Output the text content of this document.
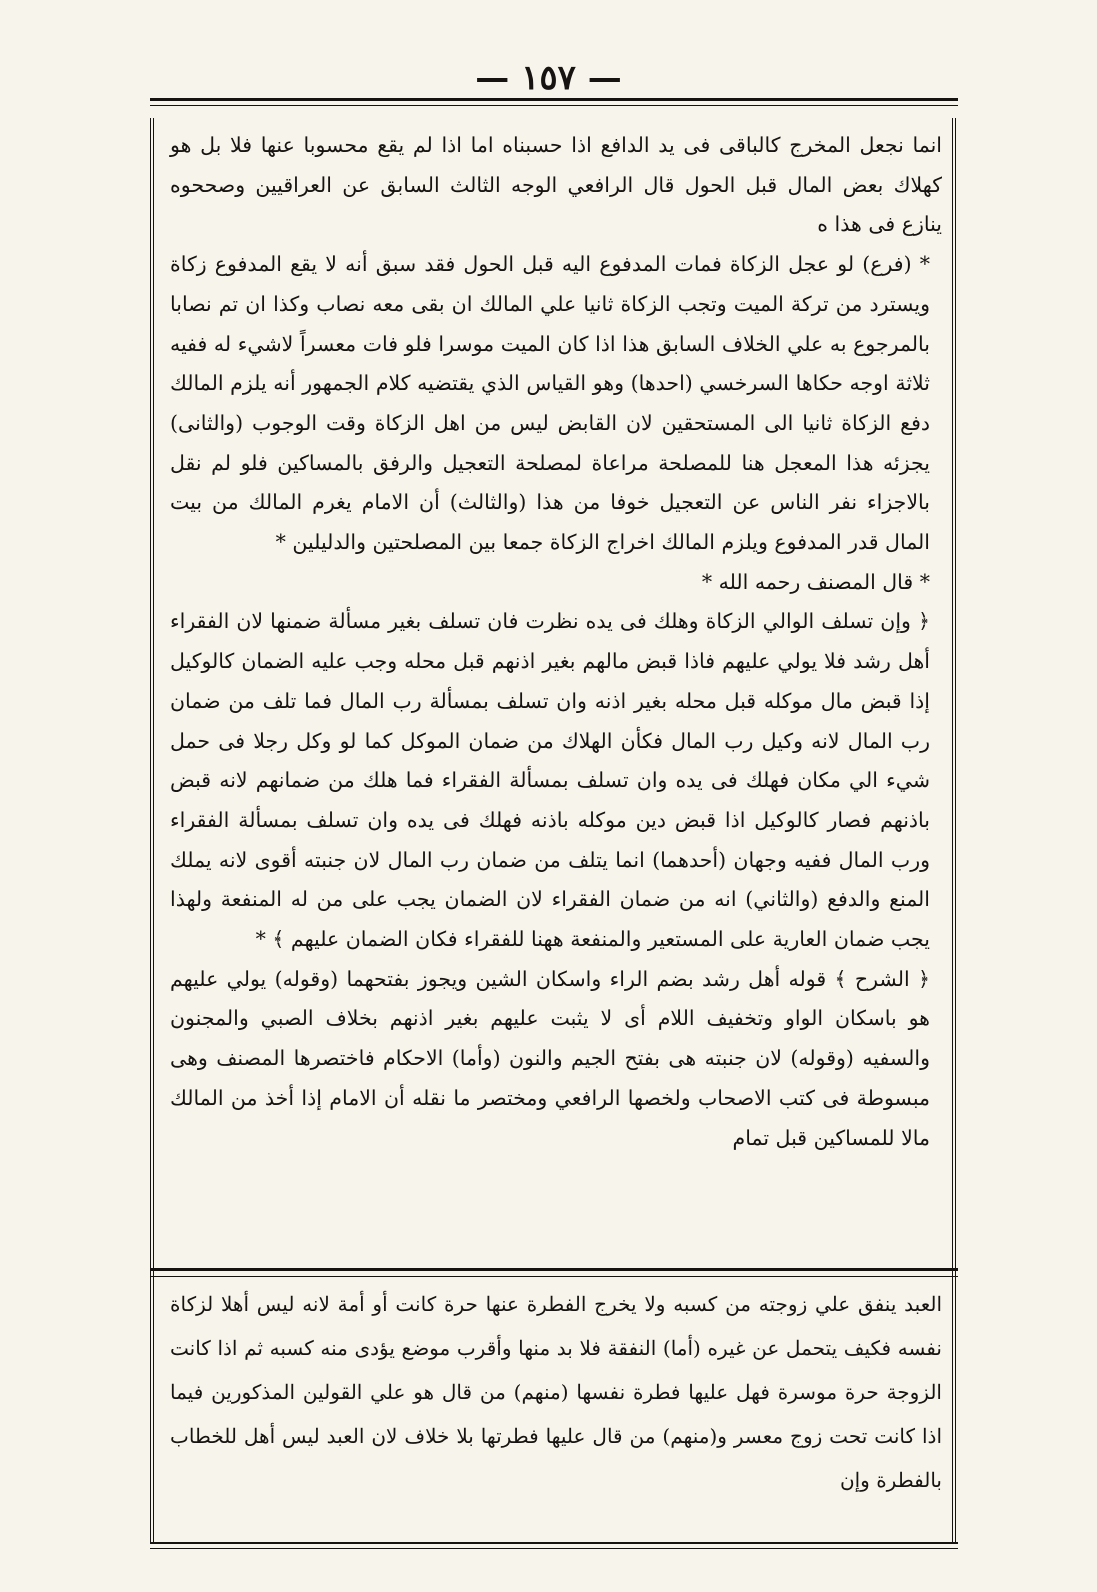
— ١٥٧ —

انما نجعل المخرج كالباقى فى يد الدافع اذا حسبناه اما اذا لم يقع محسوبا عنها فلا بل هو كهلاك بعض المال قبل الحول قال الرافعي الوجه الثالث السابق عن العراقيين وصححوه ينازع فى هذا ه

* (فرع) لو عجل الزكاة فمات المدفوع اليه قبل الحول فقد سبق أنه لا يقع المدفوع زكاة ويسترد من تركة الميت وتجب الزكاة ثانيا علي المالك ان بقى معه نصاب وكذا ان تم نصابا بالمرجوع به علي الخلاف السابق هذا اذا كان الميت موسرا فلو فات معسراً لاشيء له ففيه ثلاثة اوجه حكاها السرخسي (احدها) وهو القياس الذي يقتضيه كلام الجمهور أنه يلزم المالك دفع الزكاة ثانيا الى المستحقين لان القابض ليس من اهل الزكاة وقت الوجوب (والثانى) يجزئه هذا المعجل هنا للمصلحة مراعاة لمصلحة التعجيل والرفق بالمساكين فلو لم نقل بالاجزاء نفر الناس عن التعجيل خوفا من هذا (والثالث) أن الامام يغرم المالك من بيت المال قدر المدفوع ويلزم المالك اخراج الزكاة جمعا بين المصلحتين والدليلين *

* قال المصنف رحمه الله *

﴿ وإن تسلف الوالي الزكاة وهلك فى يده نظرت فان تسلف بغير مسألة ضمنها لان الفقراء أهل رشد فلا يولي عليهم فاذا قبض مالهم بغير اذنهم قبل محله وجب عليه الضمان كالوكيل إذا قبض مال موكله قبل محله بغير اذنه وان تسلف بمسألة رب المال فما تلف من ضمان رب المال لانه وكيل رب المال فكأن الهلاك من ضمان الموكل كما لو وكل رجلا فى حمل شيء الي مكان فهلك فى يده وان تسلف بمسألة الفقراء فما هلك من ضمانهم لانه قبض باذنهم فصار كالوكيل اذا قبض دين موكله باذنه فهلك فى يده وان تسلف بمسألة الفقراء ورب المال ففيه وجهان (أحدهما) انما يتلف من ضمان رب المال لان جنبته أقوى لانه يملك المنع والدفع (والثاني) انه من ضمان الفقراء لان الضمان يجب على من له المنفعة ولهذا يجب ضمان العارية على المستعير والمنفعة ههنا للفقراء فكان الضمان عليهم ﴾ *

﴿ الشرح ﴾ قوله أهل رشد بضم الراء واسكان الشين ويجوز بفتحهما (وقوله) يولي عليهم هو باسكان الواو وتخفيف اللام أى لا يثبت عليهم بغير اذنهم بخلاف الصبي والمجنون والسفيه (وقوله) لان جنبته هى بفتح الجيم والنون (وأما) الاحكام فاختصرها المصنف وهى مبسوطة فى كتب الاصحاب ولخصها الرافعي ومختصر ما نقله أن الامام إذا أخذ من المالك مالا للمساكين قبل تمام

العبد ينفق علي زوجته من كسبه ولا يخرج الفطرة عنها حرة كانت أو أمة لانه ليس أهلا لزكاة نفسه فكيف يتحمل عن غيره (أما) النفقة فلا بد منها وأقرب موضع يؤدى منه كسبه ثم اذا كانت الزوجة حرة موسرة فهل عليها فطرة نفسها (منهم) من قال هو علي القولين المذكورين فيما اذا كانت تحت زوج معسر و(منهم) من قال عليها فطرتها بلا خلاف لان العبد ليس أهل للخطاب بالفطرة وإن
